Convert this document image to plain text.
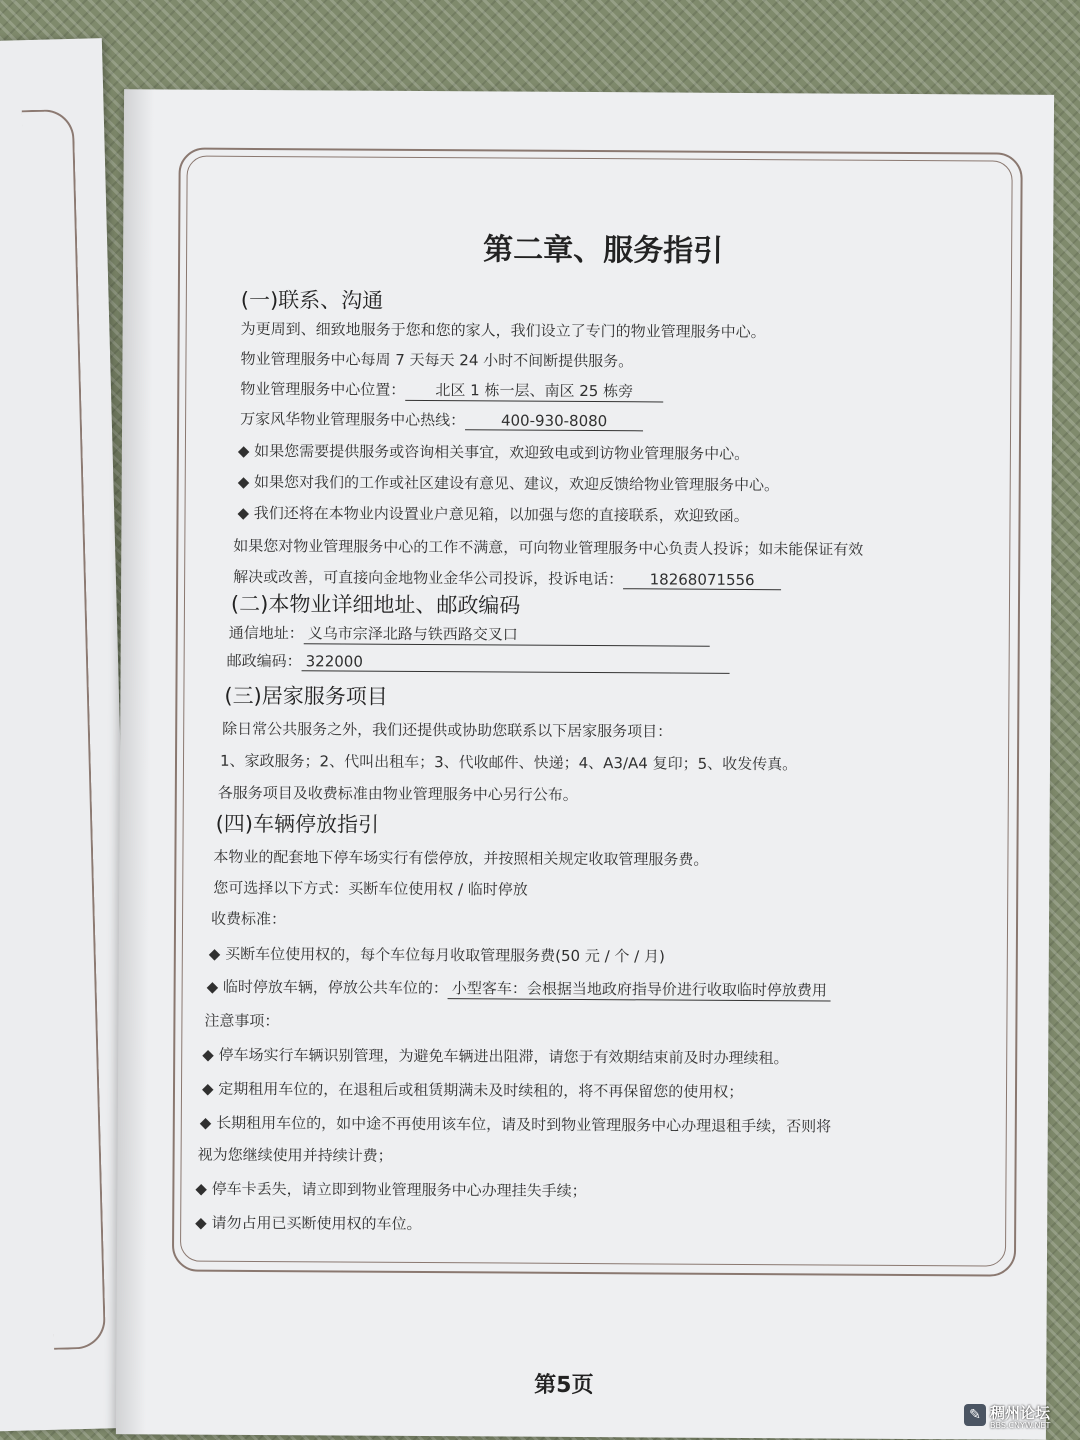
第二章、服务指引
(一)联系、沟通
为更周到、细致地服务于您和您的家人，我们设立了专门的物业管理服务中心。
物业管理服务中心每周 7 天每天 24 小时不间断提供服务。
物业管理服务中心位置： 北区 1 栋一层、南区 25 栋旁
万家风华物业管理服务中心热线： 400-930-8080
◆ 如果您需要提供服务或咨询相关事宜，欢迎致电或到访物业管理服务中心。
◆ 如果您对我们的工作或社区建设有意见、建议，欢迎反馈给物业管理服务中心。
◆ 我们还将在本物业内设置业户意见箱，以加强与您的直接联系，欢迎致函。
如果您对物业管理服务中心的工作不满意，可向物业管理服务中心负责人投诉；如未能保证有效
解决或改善，可直接向金地物业金华公司投诉，投诉电话： 18268071556
(二)本物业详细地址、邮政编码
通信地址： 义乌市宗泽北路与铁西路交叉口
邮政编码： 322000
(三)居家服务项目
除日常公共服务之外，我们还提供或协助您联系以下居家服务项目：
1、家政服务；2、代叫出租车；3、代收邮件、快递；4、A3/A4 复印；5、收发传真。
各服务项目及收费标准由物业管理服务中心另行公布。
(四)车辆停放指引
本物业的配套地下停车场实行有偿停放，并按照相关规定收取管理服务费。
您可选择以下方式：买断车位使用权 / 临时停放
收费标准：
◆ 买断车位使用权的，每个车位每月收取管理服务费(50 元 / 个 / 月)
◆ 临时停放车辆，停放公共车位的： 小型客车：会根据当地政府指导价进行收取临时停放费用
注意事项：
◆ 停车场实行车辆识别管理，为避免车辆进出阻滞，请您于有效期结束前及时办理续租。
◆ 定期租用车位的，在退租后或租赁期满未及时续租的，将不再保留您的使用权；
◆ 长期租用车位的，如中途不再使用该车位，请及时到物业管理服务中心办理退租手续，否则将
视为您继续使用并持续计费；
◆ 停车卡丢失，请立即到物业管理服务中心办理挂失手续；
◆ 请勿占用已买断使用权的车位。
第5页
✎ 稠州论坛
BBS.CNYW.NET
